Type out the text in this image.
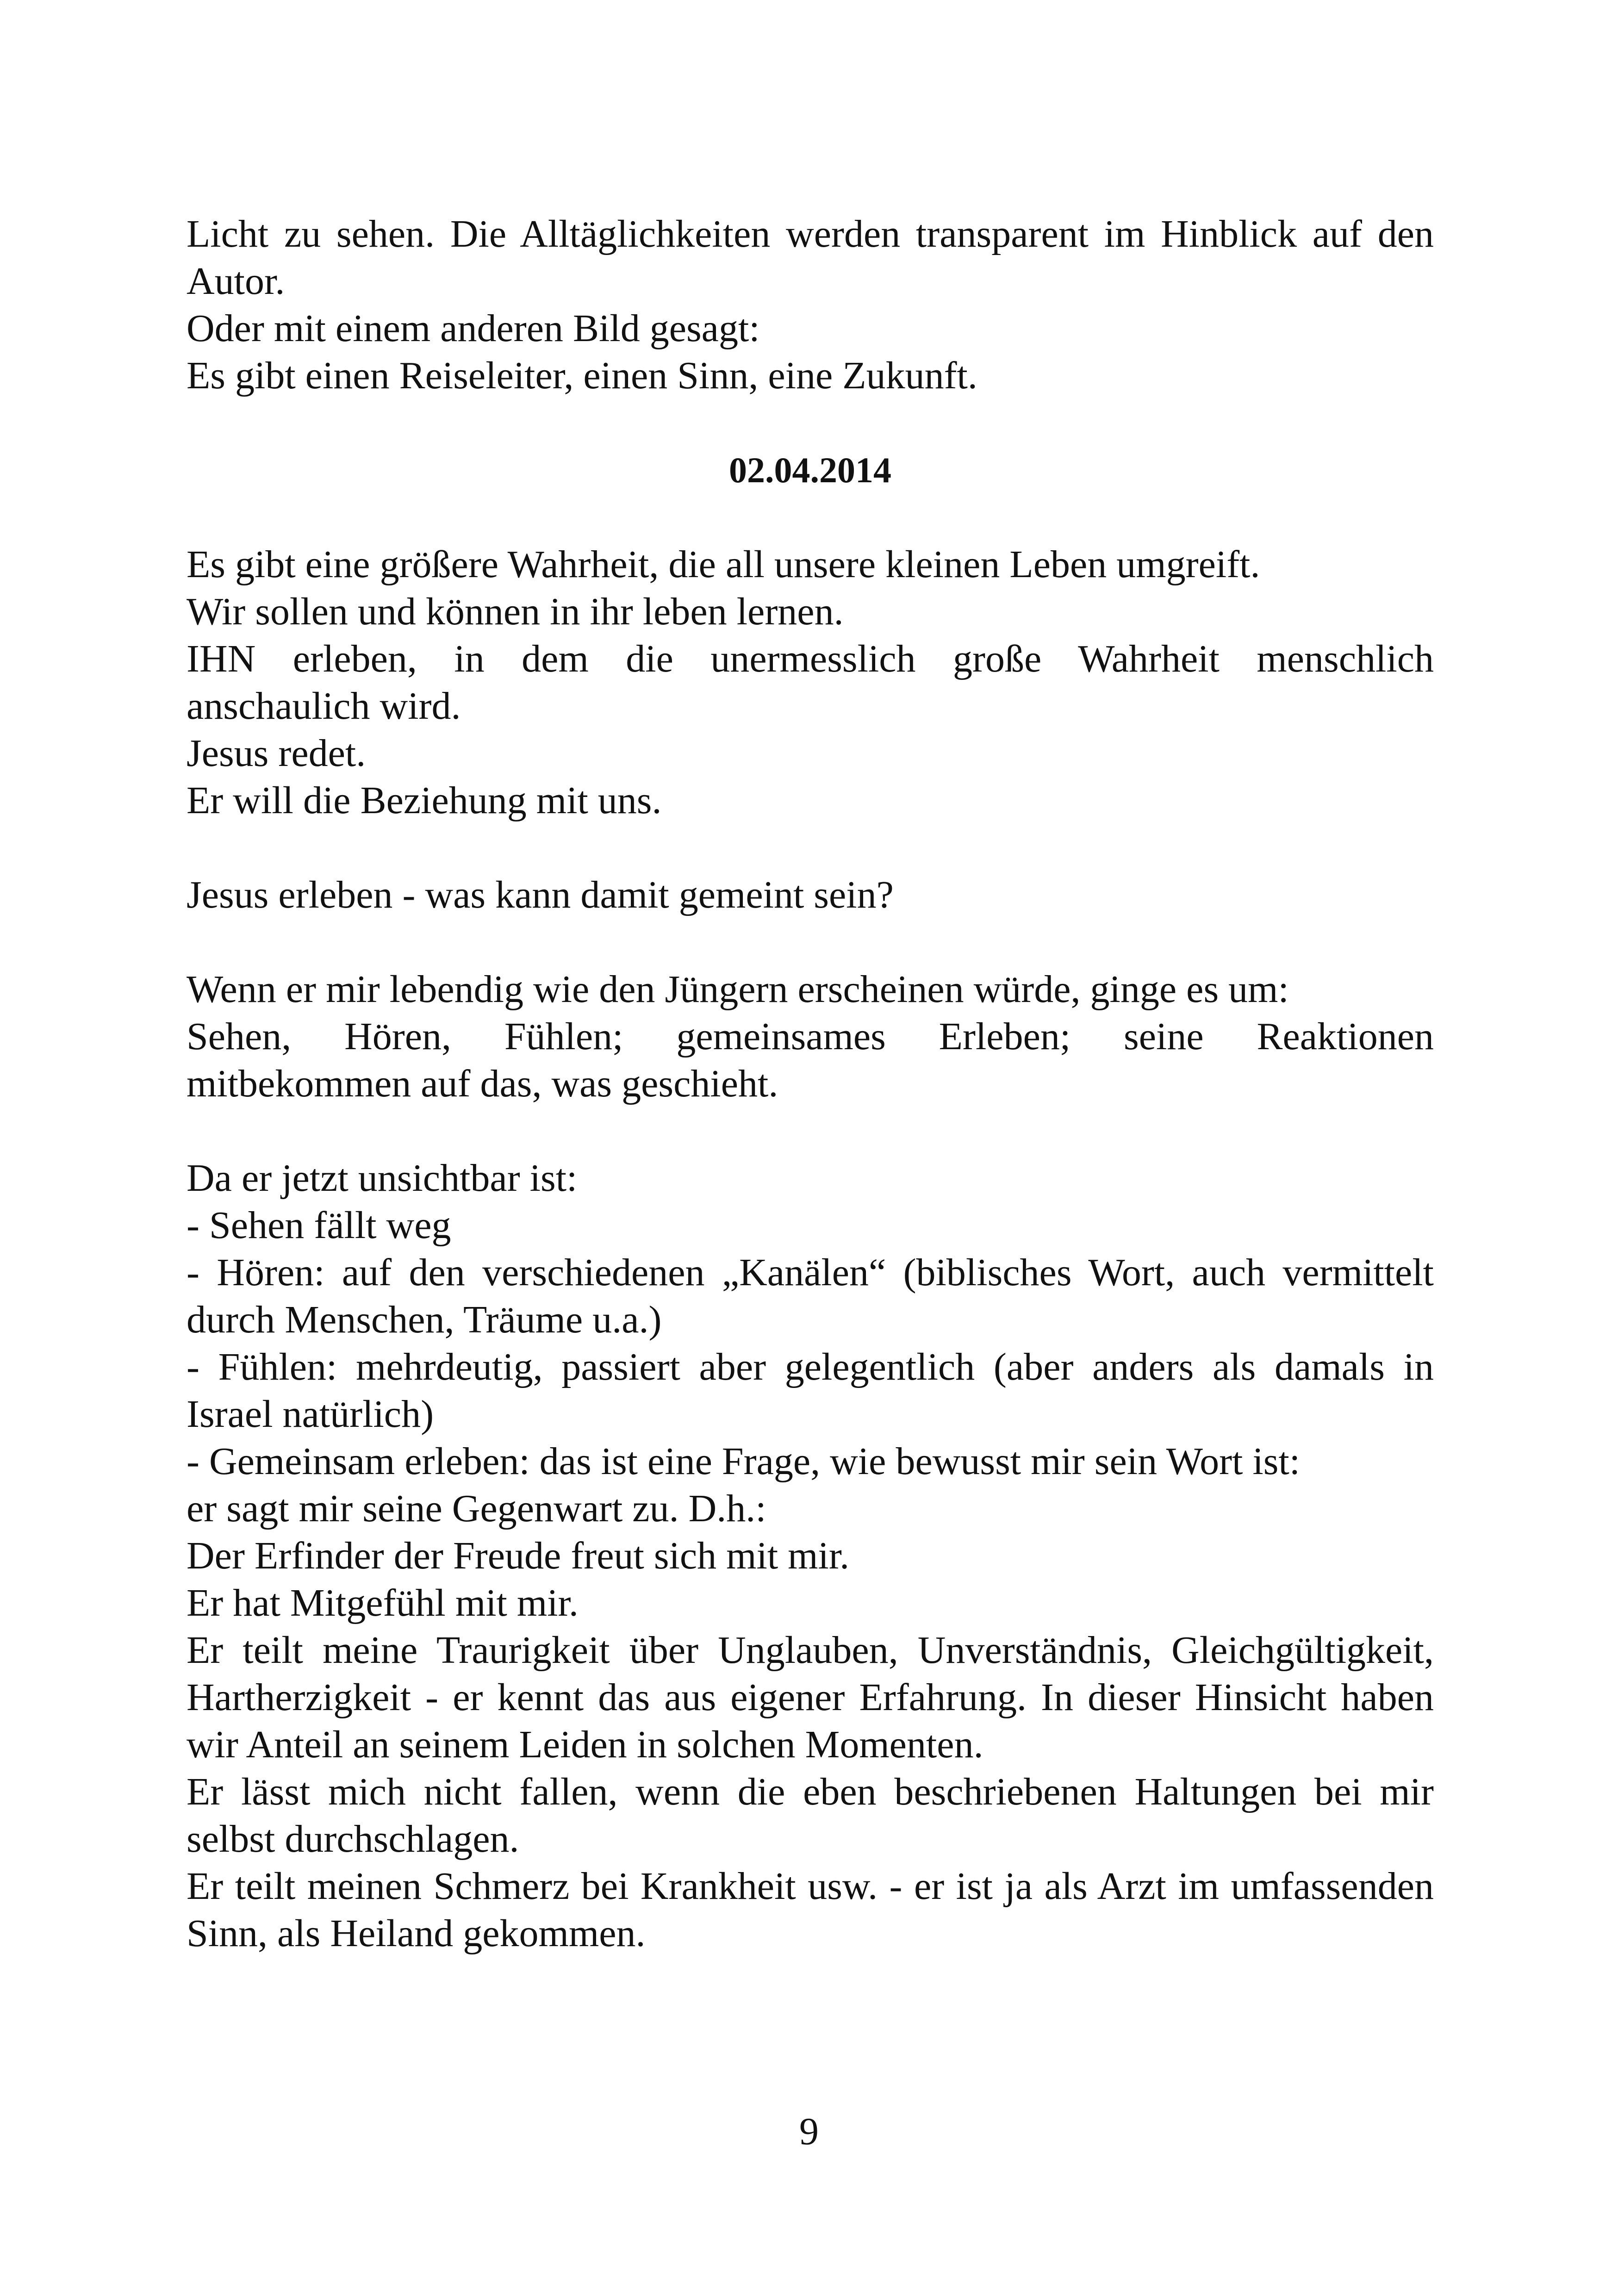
Licht zu sehen. Die Alltäglichkeiten werden transparent im Hinblick auf den

Autor.

Oder mit einem anderen Bild gesagt:

Es gibt einen Reiseleiter, einen Sinn, eine Zukunft.

02.04.2014

Es gibt eine größere Wahrheit, die all unsere kleinen Leben umgreift.

Wir sollen und können in ihr leben lernen.

IHN erleben, in dem die unermesslich große Wahrheit menschlich

anschaulich wird.

Jesus redet.

Er will die Beziehung mit uns.

Jesus erleben - was kann damit gemeint sein?

Wenn er mir lebendig wie den Jüngern erscheinen würde, ginge es um:

Sehen, Hören, Fühlen; gemeinsames Erleben; seine Reaktionen

mitbekommen auf das, was geschieht.

Da er jetzt unsichtbar ist:

- Sehen fällt weg

- Hören: auf den verschiedenen „Kanälen“ (biblisches Wort, auch vermittelt

durch Menschen, Träume u.a.)

- Fühlen: mehrdeutig, passiert aber gelegentlich (aber anders als damals in

Israel natürlich)

- Gemeinsam erleben: das ist eine Frage, wie bewusst mir sein Wort ist:

er sagt mir seine Gegenwart zu. D.h.:

Der Erfinder der Freude freut sich mit mir.

Er hat Mitgefühl mit mir.

Er teilt meine Traurigkeit über Unglauben, Unverständnis, Gleichgültigkeit,

Hartherzigkeit - er kennt das aus eigener Erfahrung. In dieser Hinsicht haben

wir Anteil an seinem Leiden in solchen Momenten.

Er lässt mich nicht fallen, wenn die eben beschriebenen Haltungen bei mir

selbst durchschlagen.

Er teilt meinen Schmerz bei Krankheit usw. - er ist ja als Arzt im umfassenden

Sinn, als Heiland gekommen.

9
